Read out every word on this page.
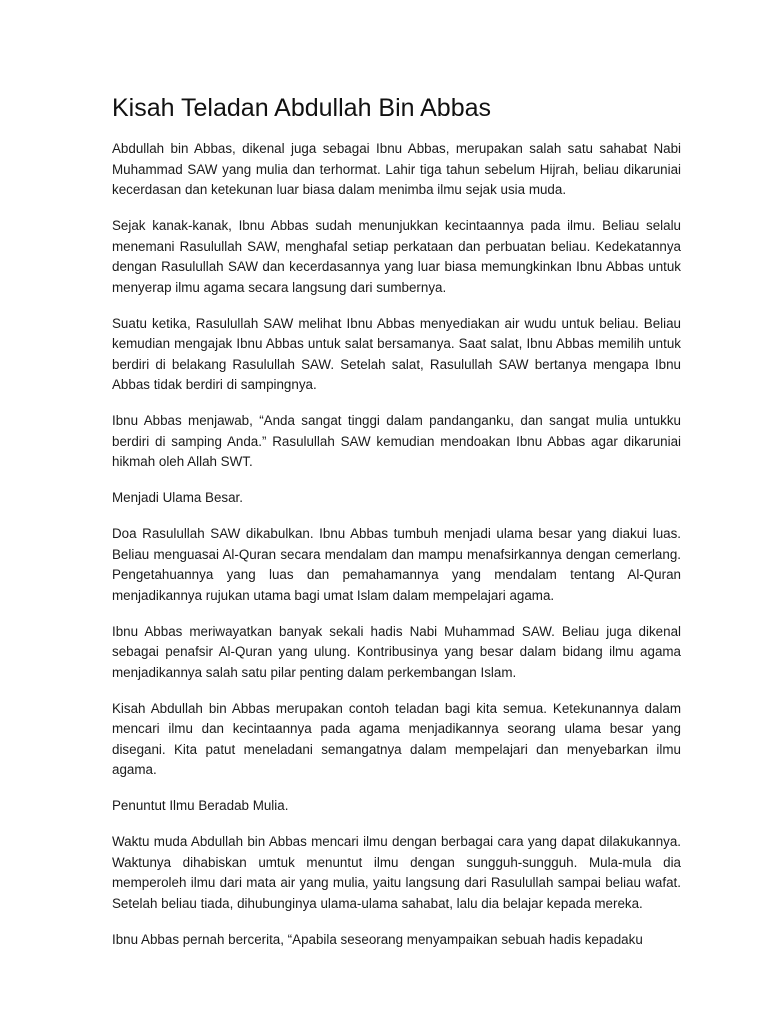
Kisah Teladan Abdullah Bin Abbas

Abdullah bin Abbas, dikenal juga sebagai Ibnu Abbas, merupakan salah satu sahabat Nabi Muhammad SAW yang mulia dan terhormat. Lahir tiga tahun sebelum Hijrah, beliau dikaruniai kecerdasan dan ketekunan luar biasa dalam menimba ilmu sejak usia muda.

Sejak kanak-kanak, Ibnu Abbas sudah menunjukkan kecintaannya pada ilmu. Beliau selalu menemani Rasulullah SAW, menghafal setiap perkataan dan perbuatan beliau. Kedekatannya dengan Rasulullah SAW dan kecerdasannya yang luar biasa memungkinkan Ibnu Abbas untuk menyerap ilmu agama secara langsung dari sumbernya.

Suatu ketika, Rasulullah SAW melihat Ibnu Abbas menyediakan air wudu untuk beliau. Beliau kemudian mengajak Ibnu Abbas untuk salat bersamanya. Saat salat, Ibnu Abbas memilih untuk berdiri di belakang Rasulullah SAW. Setelah salat, Rasulullah SAW bertanya mengapa Ibnu Abbas tidak berdiri di sampingnya.

Ibnu Abbas menjawab, “Anda sangat tinggi dalam pandanganku, dan sangat mulia untukku berdiri di samping Anda.” Rasulullah SAW kemudian mendoakan Ibnu Abbas agar dikaruniai hikmah oleh Allah SWT.

Menjadi Ulama Besar.

Doa Rasulullah SAW dikabulkan. Ibnu Abbas tumbuh menjadi ulama besar yang diakui luas. Beliau menguasai Al-Quran secara mendalam dan mampu menafsirkannya dengan cemerlang. Pengetahuannya yang luas dan pemahamannya yang mendalam tentang Al-Quran menjadikannya rujukan utama bagi umat Islam dalam mempelajari agama.

Ibnu Abbas meriwayatkan banyak sekali hadis Nabi Muhammad SAW. Beliau juga dikenal sebagai penafsir Al-Quran yang ulung. Kontribusinya yang besar dalam bidang ilmu agama menjadikannya salah satu pilar penting dalam perkembangan Islam.

Kisah Abdullah bin Abbas merupakan contoh teladan bagi kita semua. Ketekunannya dalam mencari ilmu dan kecintaannya pada agama menjadikannya seorang ulama besar yang disegani. Kita patut meneladani semangatnya dalam mempelajari dan menyebarkan ilmu agama.

Penuntut Ilmu Beradab Mulia.

Waktu muda Abdullah bin Abbas mencari ilmu dengan berbagai cara yang dapat dilakukannya. Waktunya dihabiskan umtuk menuntut ilmu dengan sungguh-sungguh. Mula-mula dia memperoleh ilmu dari mata air yang mulia, yaitu langsung dari Rasulullah sampai beliau wafat. Setelah beliau tiada, dihubunginya ulama-ulama sahabat, lalu dia belajar kepada mereka.

Ibnu Abbas pernah bercerita, “Apabila seseorang menyampaikan sebuah hadis kepadaku
